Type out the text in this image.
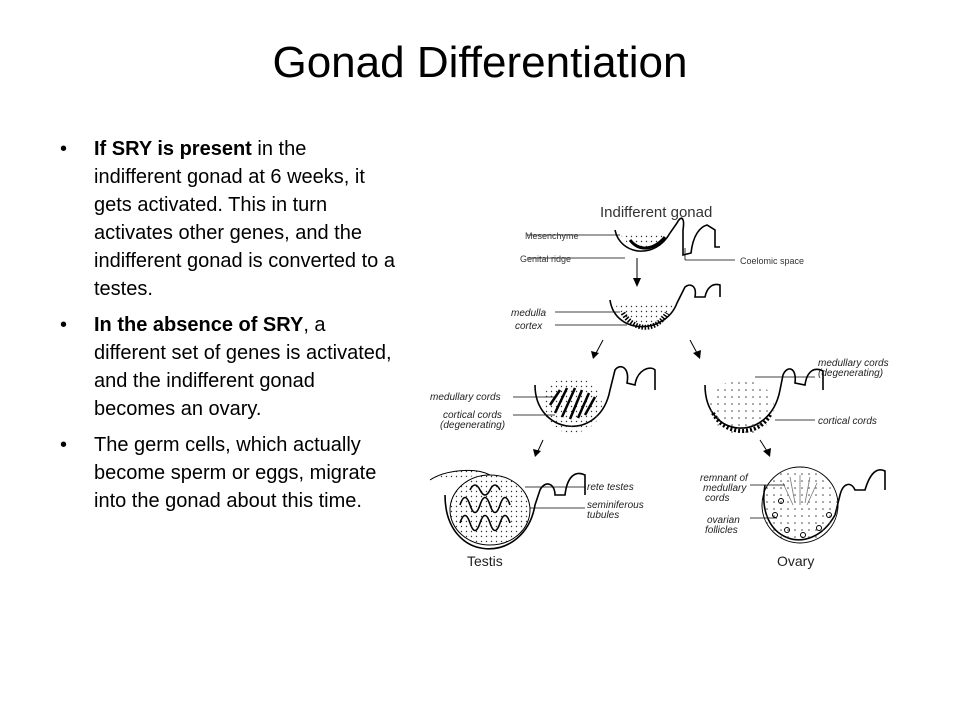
Gonad Differentiation
• If SRY is present in the indifferent gonad at 6 weeks, it gets activated. This in turn activates other genes, and the indifferent gonad is converted to a testes.
• In the absence of SRY, a different set of genes is activated, and the indifferent gonad becomes an ovary.
• The germ cells, which actually become sperm or eggs, migrate into the gonad about this time.
Indifferent gonad
Mesenchyme
Genital ridge	Coelomic space
medulla
cortex
medullary cords
cortical cords
(degenerating)
medullary cords
(degenerating)
cortical cords
rete testes
seminiferous
tubules
remnant of
medullary
cords
ovarian
follicles
Testis	Ovary
